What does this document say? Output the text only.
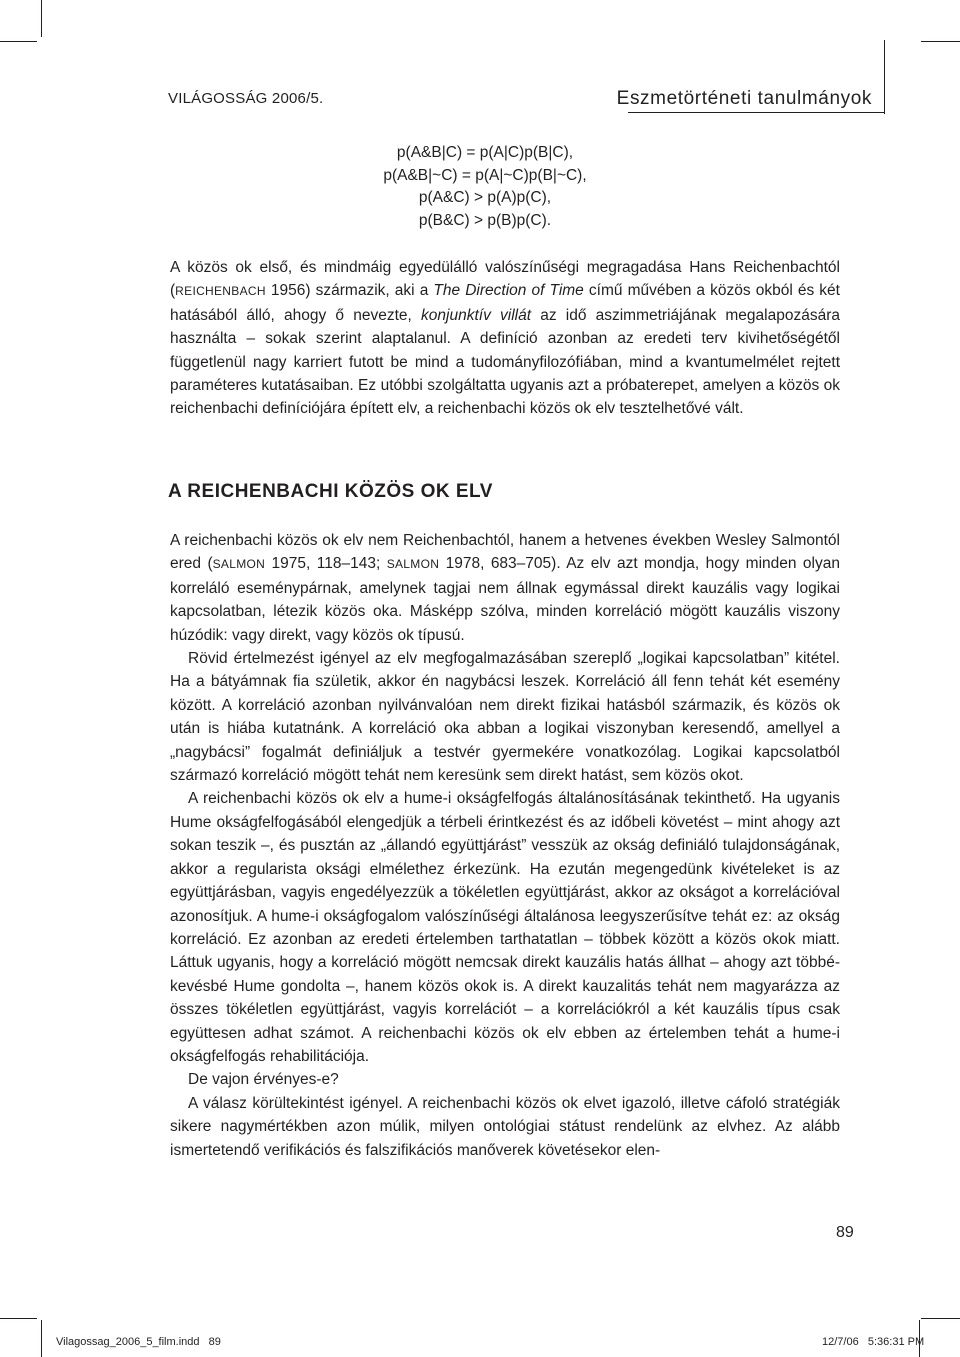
VILÁGOSSÁG 2006/5.	Eszmetörténeti tanulmányok
p(A&B|C) = p(A|C)p(B|C),
p(A&B|~C) = p(A|~C)p(B|~C),
p(A&C) > p(A)p(C),
p(B&C) > p(B)p(C).

A közös ok első, és mindmáig egyedülálló valószínűségi megragadása Hans Reichenbachtól (REICHENBACH 1956) származik, aki a The Direction of Time című művében a közös okból és két hatásából álló, ahogy ő nevezte, konjunktív villát az idő aszimmetriájának megalapozására használta – sokak szerint alaptalanul. A definíció azonban az eredeti terv kivihetőségétől függetlenül nagy karriert futott be mind a tudományfilozófiában, mind a kvantumelmélet rejtett paraméteres kutatásaiban. Ez utóbbi szolgáltatta ugyanis azt a próbaterepet, amelyen a közös ok reichenbachi definíciójára épített elv, a reichenbachi közös ok elv tesztelhetővé vált.

A REICHENBACHI KÖZÖS OK ELV

A reichenbachi közös ok elv nem Reichenbachtól, hanem a hetvenes években Wesley Salmontól ered (SALMON 1975, 118–143; SALMON 1978, 683–705). Az elv azt mondja, hogy minden olyan korreláló eseménypárnak, amelynek tagjai nem állnak egymással direkt kauzális vagy logikai kapcsolatban, létezik közös oka. Másképp szólva, minden korreláció mögött kauzális viszony húzódik: vagy direkt, vagy közös ok típusú.

Rövid értelmezést igényel az elv megfogalmazásában szereplő „logikai kapcsolatban” kitétel. Ha a bátyámnak fia születik, akkor én nagybácsi leszek. Korreláció áll fenn tehát két esemény között. A korreláció azonban nyilvánvalóan nem direkt fizikai hatásból származik, és közös ok után is hiába kutatnánk. A korreláció oka abban a logikai viszonyban keresendő, amellyel a „nagybácsi” fogalmát definiáljuk a testvér gyermekére vonatkozólag. Logikai kapcsolatból származó korreláció mögött tehát nem keresünk sem direkt hatást, sem közös okot.

A reichenbachi közös ok elv a hume-i okságfelfogás általánosításának tekinthető. Ha ugyanis Hume okságfelfogásából elengedjük a térbeli érintkezést és az időbeli követést – mint ahogy azt sokan teszik –, és pusztán az „állandó együttjárást” vesszük az okság definiáló tulajdonságának, akkor a regularista oksági elmélethez érkezünk. Ha ezután megengedünk kivételeket is az együttjárásban, vagyis engedélyezzük a tökéletlen együttjárást, akkor az okságot a korrelációval azonosítjuk. A hume-i okságfogalom valószínűségi általánosa leegyszerűsítve tehát ez: az okság korreláció. Ez azonban az eredeti értelemben tarthatatlan – többek között a közös okok miatt. Láttuk ugyanis, hogy a korreláció mögött nemcsak direkt kauzális hatás állhat – ahogy azt többé-kevésbé Hume gondolta –, hanem közös okok is. A direkt kauzalitás tehát nem magyarázza az összes tökéletlen együttjárást, vagyis korrelációt – a korrelációkról a két kauzális típus csak együttesen adhat számot. A reichenbachi közös ok elv ebben az értelemben tehát a hume-i okságfelfogás rehabilitációja.

De vajon érvényes-e?

A válasz körültekintést igényel. A reichenbachi közös ok elvet igazoló, illetve cáfoló stratégiák sikere nagymértékben azon múlik, milyen ontológiai státust rendelünk az elvhez. Az alább ismertetendő verifikációs és falszifikációs manőverek követésekor elen-

89
Vilagossag_2006_5_film.indd   89	12/7/06   5:36:31 PM
